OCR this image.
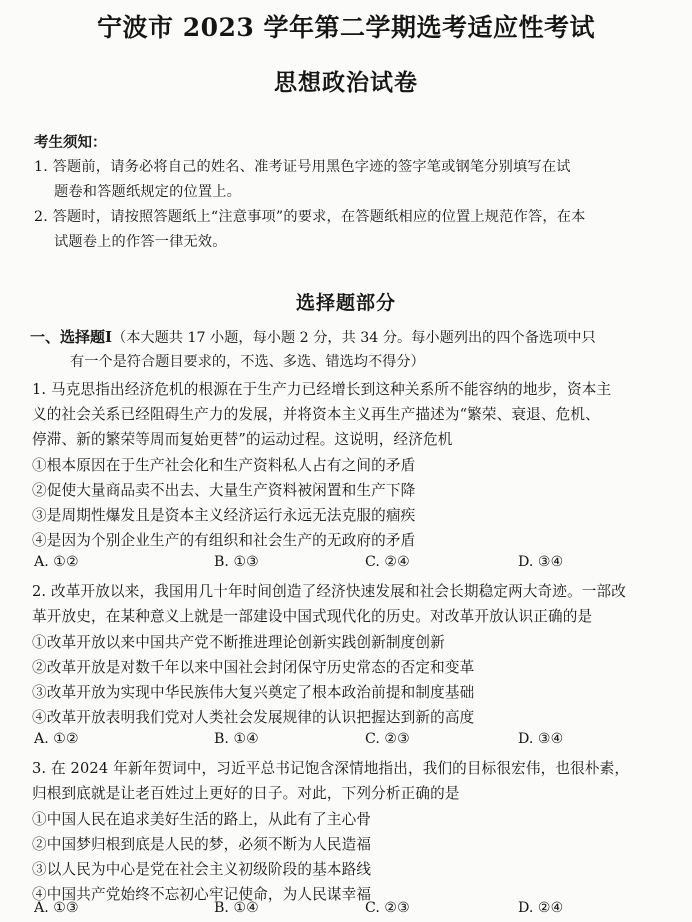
宁波市 2023 学年第二学期选考适应性考试
思想政治试卷
考生须知：
1. 答题前，请务必将自己的姓名、准考证号用黑色字迹的签字笔或钢笔分别填写在试
题卷和答题纸规定的位置上。
2. 答题时，请按照答题纸上“注意事项”的要求，在答题纸相应的位置上规范作答，在本
试题卷上的作答一律无效。
选择题部分
一、选择题Ⅰ（本大题共 17 小题，每小题 2 分，共 34 分。每小题列出的四个备选项中只
有一个是符合题目要求的，不选、多选、错选均不得分）
1. 马克思指出经济危机的根源在于生产力已经增长到这种关系所不能容纳的地步，资本主
义的社会关系已经阻碍生产力的发展，并将资本主义再生产描述为“繁荣、衰退、危机、
停滞、新的繁荣等周而复始更替”的运动过程。这说明，经济危机
①根本原因在于生产社会化和生产资料私人占有之间的矛盾
②促使大量商品卖不出去、大量生产资料被闲置和生产下降
③是周期性爆发且是资本主义经济运行永远无法克服的痼疾
④是因为个别企业生产的有组织和社会生产的无政府的矛盾
A. ①②	B. ①③	C. ②④	D. ③④
2. 改革开放以来，我国用几十年时间创造了经济快速发展和社会长期稳定两大奇迹。一部改
革开放史，在某种意义上就是一部建设中国式现代化的历史。对改革开放认识正确的是
①改革开放以来中国共产党不断推进理论创新实践创新制度创新
②改革开放是对数千年以来中国社会封闭保守历史常态的否定和变革
③改革开放为实现中华民族伟大复兴奠定了根本政治前提和制度基础
④改革开放表明我们党对人类社会发展规律的认识把握达到新的高度
A. ①②	B. ①④	C. ②③	D. ③④
3. 在 2024 年新年贺词中，习近平总书记饱含深情地指出，我们的目标很宏伟，也很朴素，
归根到底就是让老百姓过上更好的日子。对此，下列分析正确的是
①中国人民在追求美好生活的路上，从此有了主心骨
②中国梦归根到底是人民的梦，必须不断为人民造福
③以人民为中心是党在社会主义初级阶段的基本路线
④中国共产党始终不忘初心牢记使命，为人民谋幸福
A. ①③	B. ①④	C. ②③	D. ②④
